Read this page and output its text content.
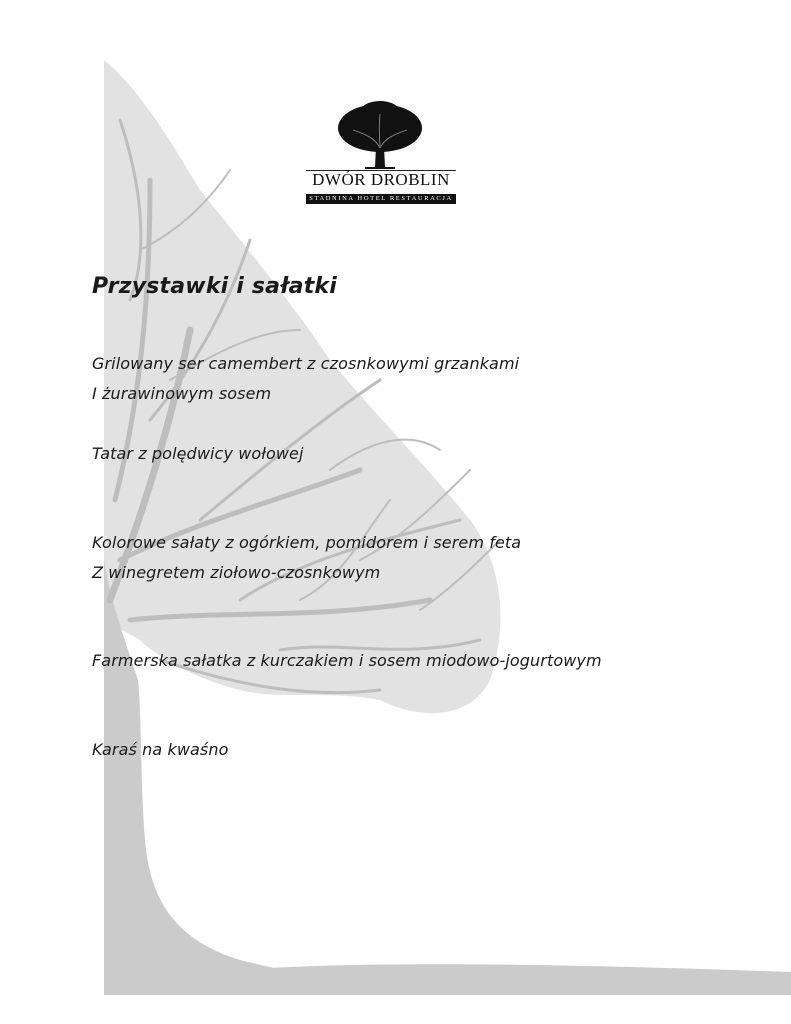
DWÓR DROBLIN
STADNINA HOTEL RESTAURACJA
Przystawki i sałatki
Grilowany ser camembert z czosnkowymi grzankami
I żurawinowym sosem
Tatar z polędwicy wołowej
Kolorowe sałaty z ogórkiem, pomidorem i serem feta
Z winegretem ziołowo-czosnkowym
Farmerska sałatka z kurczakiem i sosem miodowo-jogurtowym
Karaś na kwaśno
